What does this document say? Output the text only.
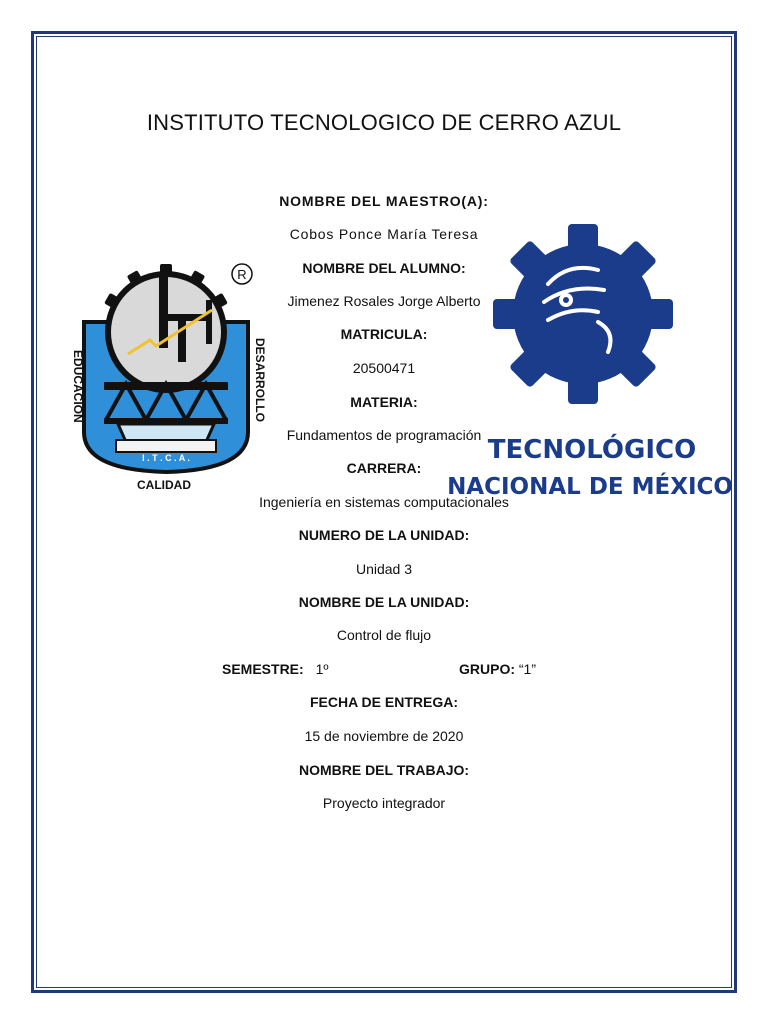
INSTITUTO TECNOLOGICO DE CERRO AZUL
NOMBRE DEL MAESTRO(A):
Cobos Ponce María Teresa
NOMBRE DEL ALUMNO:
Jimenez Rosales Jorge Alberto
MATRICULA:
20500471
MATERIA:
Fundamentos de programación
CARRERA:
Ingeniería en sistemas computacionales
NUMERO DE LA UNIDAD:
Unidad 3
NOMBRE DE LA UNIDAD:
Control de flujo
SEMESTRE: 1º	GRUPO: “1”
FECHA DE ENTREGA:
15 de noviembre de 2020
NOMBRE DEL TRABAJO:
Proyecto integrador
I . T . C . A .
EDUCACION	DESARROLLO
R
CALIDAD
TECNOLÓGICO
NACIONAL DE MÉXICO
